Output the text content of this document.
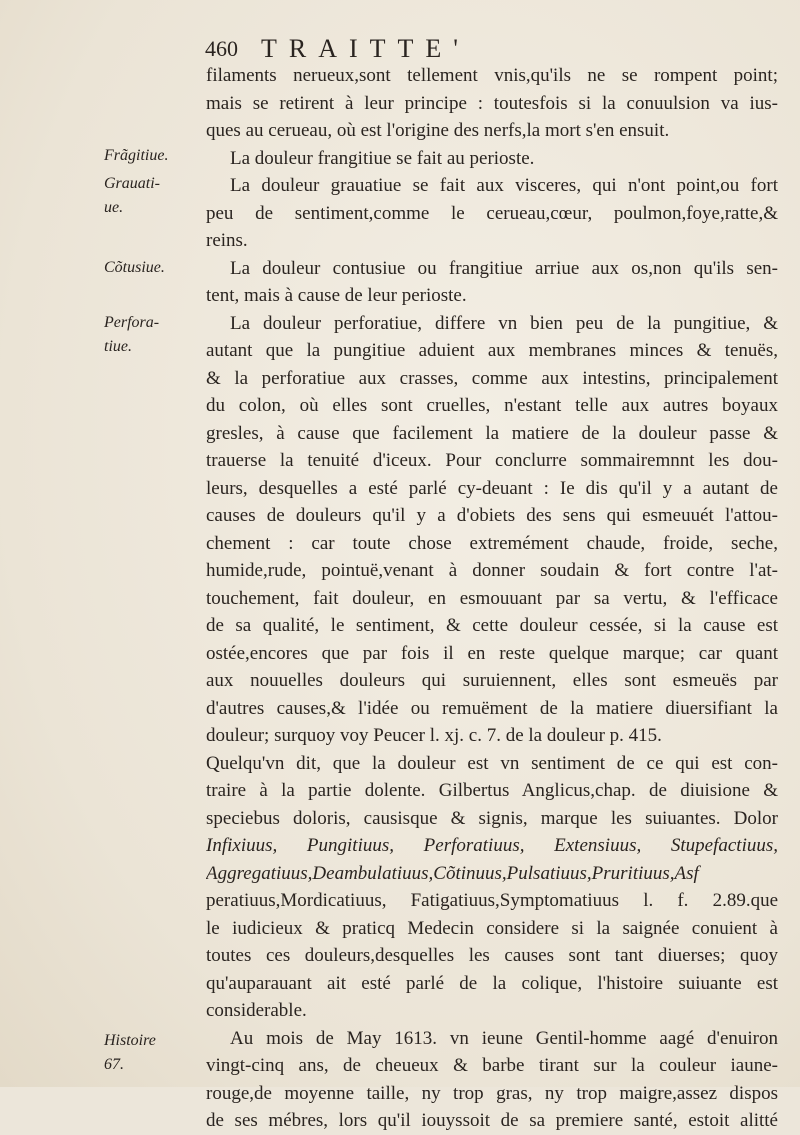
460 TRAITTE'
Frãgitiue.
Grauati-
ue.
Cõtusiue.
Perfora-
tiue.
Histoire
67.
filaments nerueux,sont tellement vnis,qu'ils ne se rompent point;
mais se retirent à leur principe : toutesfois si la conuulsion va ius-
ques au cerueau, où est l'origine des nerfs,la mort s'en ensuit.
La douleur frangitiue se fait au perioste.
La douleur grauatiue se fait aux visceres, qui n'ont point,ou fort
peu de sentiment,comme le cerueau,cœur, poulmon,foye,ratte,&
reins.
La douleur contusiue ou frangitiue arriue aux os,non qu'ils sen-
tent, mais à cause de leur perioste.
La douleur perforatiue, differe vn bien peu de la pungitiue, &
autant que la pungitiue aduient aux membranes minces & tenuës,
& la perforatiue aux crasses, comme aux intestins, principalement
du colon, où elles sont cruelles, n'estant telle aux autres boyaux
gresles, à cause que facilement la matiere de la douleur passe &
trauerse la tenuité d'iceux. Pour conclurre sommairemnnt les dou-
leurs, desquelles a esté parlé cy-deuant : Ie dis qu'il y a autant de
causes de douleurs qu'il y a d'obiets des sens qui esmeuuét l'attou-
chement : car toute chose extremément chaude, froide, seche,
humide,rude, pointuë,venant à donner soudain & fort contre l'at-
touchement, fait douleur, en esmouuant par sa vertu, & l'efficace
de sa qualité, le sentiment, & cette douleur cessée, si la cause est
ostée,encores que par fois il en reste quelque marque; car quant
aux nouuelles douleurs qui suruiennent, elles sont esmeuës par
d'autres causes,& l'idée ou remuëment de la matiere diuersifiant la
douleur; surquoy voy Peucer l. xj. c. 7. de la douleur p. 415.
Quelqu'vn dit, que la douleur est vn sentiment de ce qui est con-
traire à la partie dolente. Gilbertus Anglicus,chap. de diuisione &
speciebus doloris, causisque & signis, marque les suiuantes. Dolor
Infixiuus, Pungitiuus, Perforatiuus, Extensiuus, Stupefactiuus,
Aggregatiuus,Deambulatiuus,Cõtinuus,Pulsatiuus,Pruritiuus,Asf
peratiuus,Mordicatiuus, Fatigatiuus,Symptomatiuus l. f. 2.89.que
le iudicieux & praticq Medecin considere si la saignée conuient à
toutes ces douleurs,desquelles les causes sont tant diuerses; quoy
qu'auparauant ait esté parlé de la colique, l'histoire suiuante est
considerable.
Au mois de May 1613. vn ieune Gentil-homme aagé d'enuiron
vingt-cinq ans, de cheueux & barbe tirant sur la couleur iaune-
rouge,de moyenne taille, ny trop gras, ny trop maigre,assez dispos
de ses mébres, lors qu'il iouyssoit de sa premiere santé, estoit alitté
